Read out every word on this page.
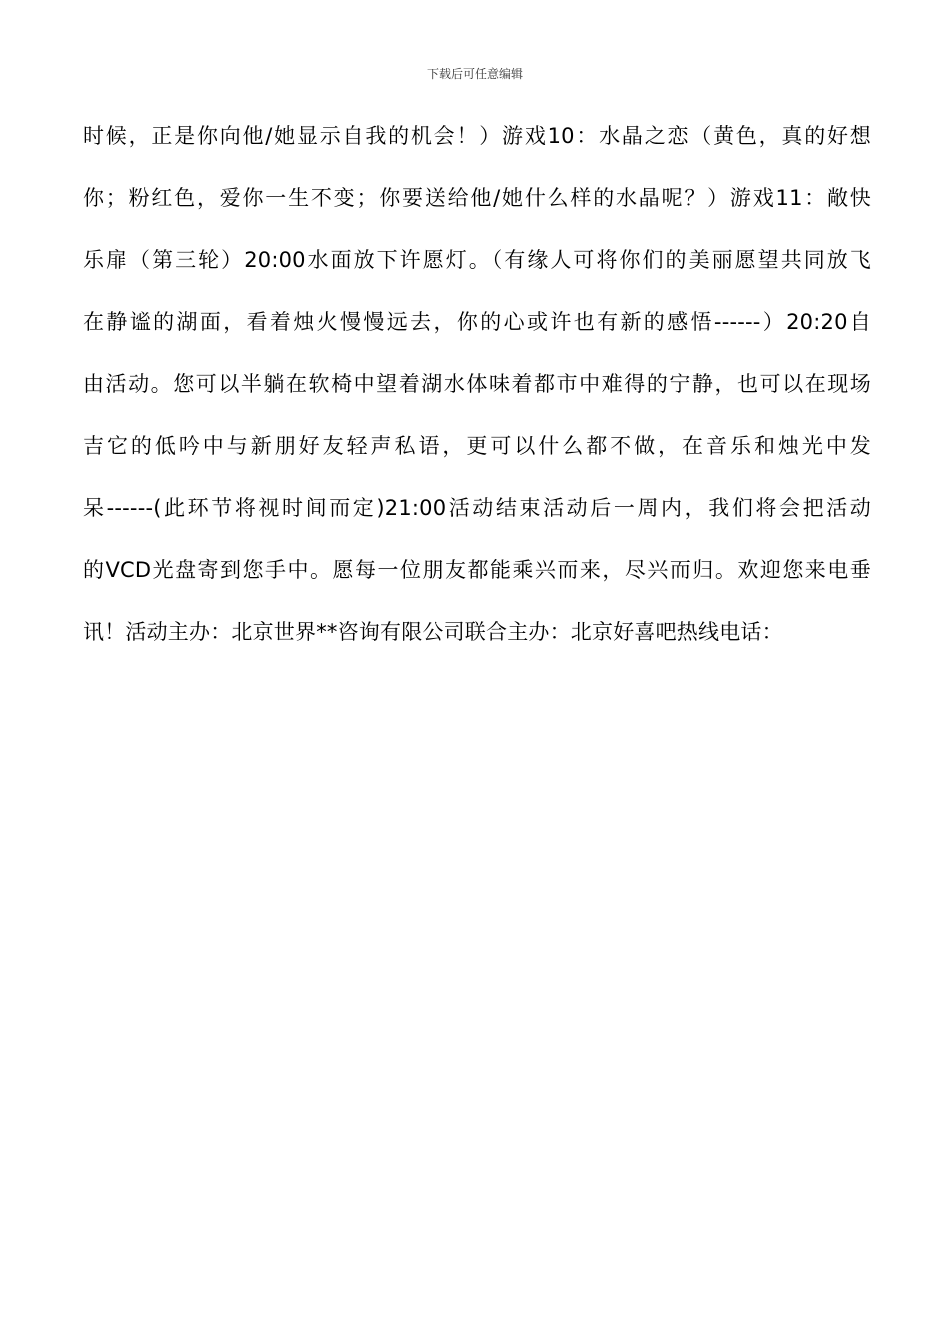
下载后可任意编辑
时候，正是你向他/她显示自我的机会！）游戏10：水晶之恋（黄色，真的好想
你；粉红色，爱你一生不变；你要送给他/她什么样的水晶呢？）游戏11：敞快
乐扉（第三轮）20:00水面放下许愿灯。（有缘人可将你们的美丽愿望共同放飞
在静谧的湖面，看着烛火慢慢远去，你的心或许也有新的感悟------）20:20自
由活动。您可以半躺在软椅中望着湖水体味着都市中难得的宁静，也可以在现场
吉它的低吟中与新朋好友轻声私语，更可以什么都不做，在音乐和烛光中发
呆------(此环节将视时间而定)21:00活动结束活动后一周内，我们将会把活动
的VCD光盘寄到您手中。愿每一位朋友都能乘兴而来，尽兴而归。欢迎您来电垂
讯！活动主办：北京世界**咨询有限公司联合主办：北京好喜吧热线电话：
